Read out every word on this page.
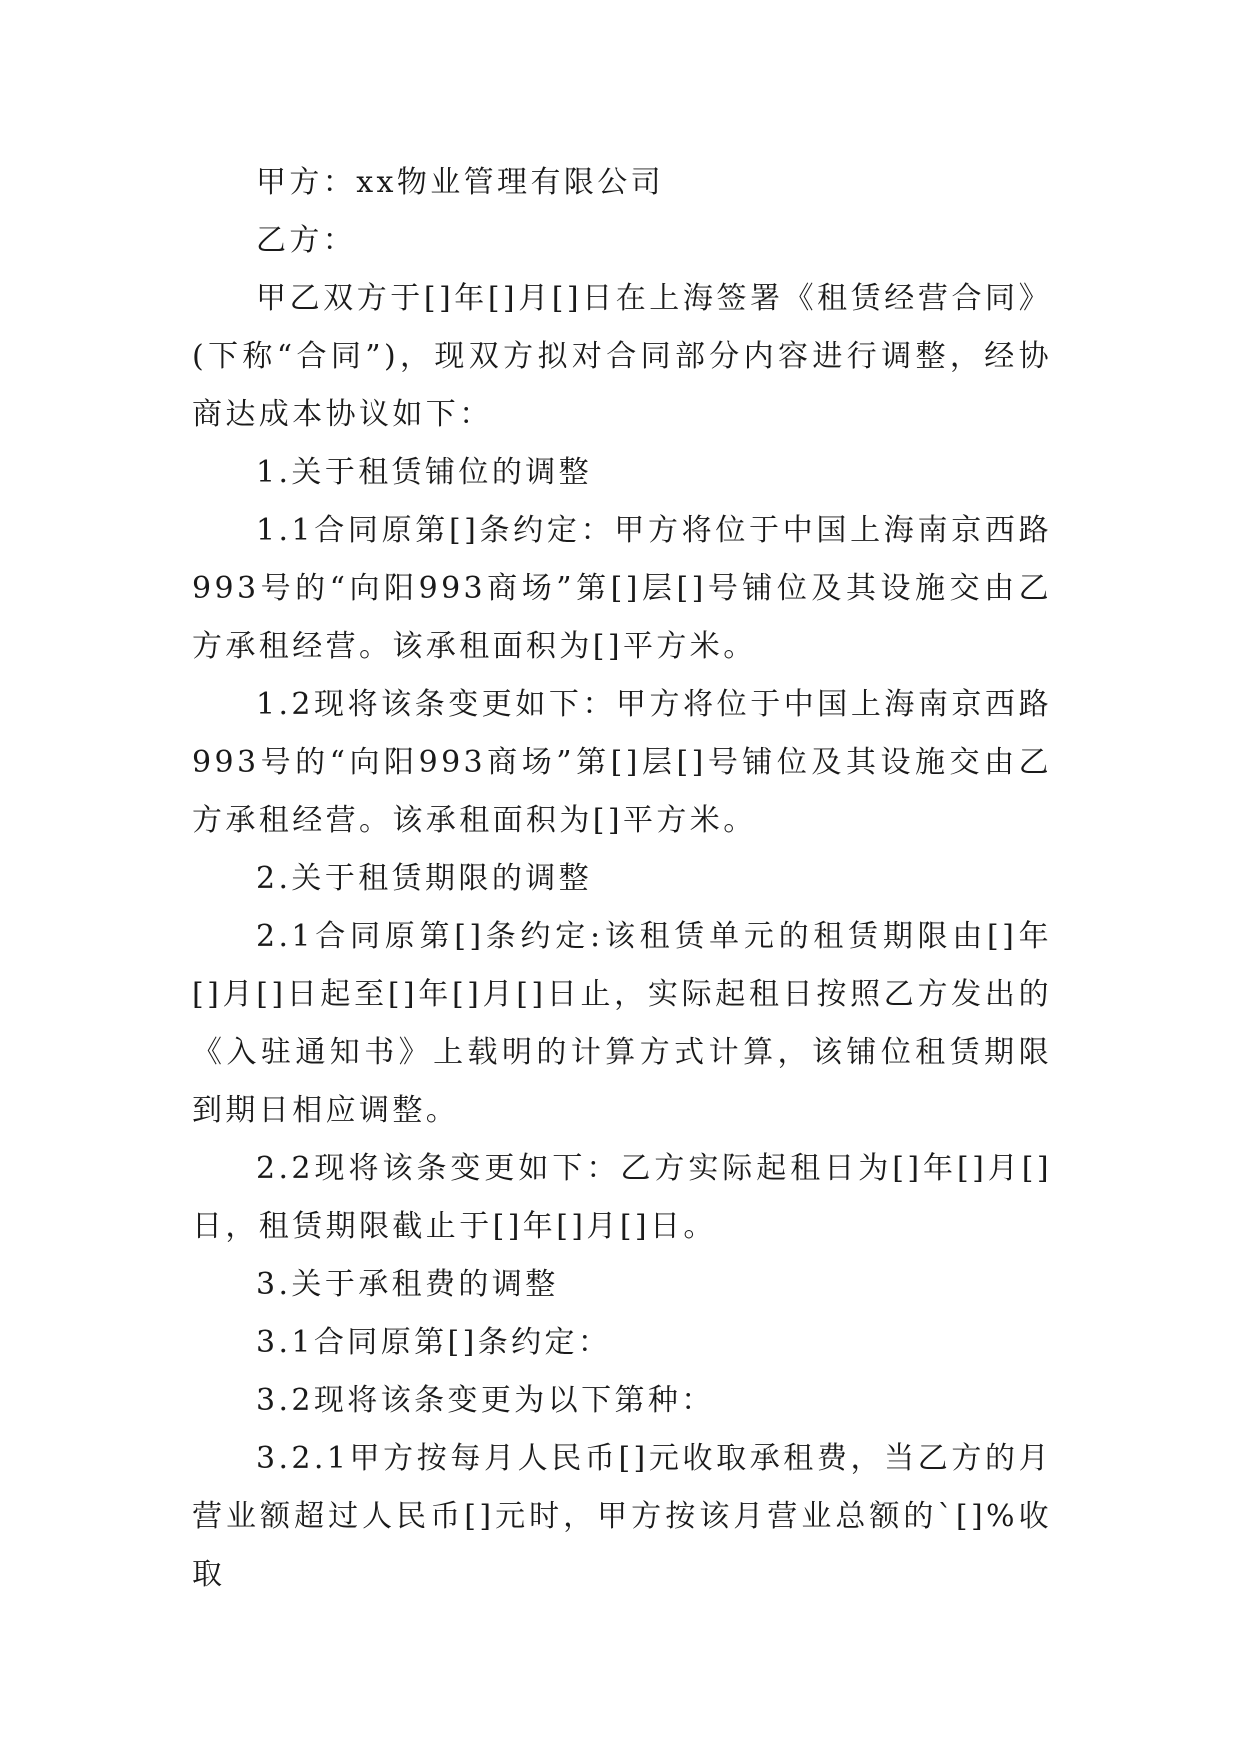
甲方：xx物业管理有限公司

乙方：

甲乙双方于[]年[]月[]日在上海签署《租赁经营合同》(下称“合同”)，现双方拟对合同部分内容进行调整，经协商达成本协议如下：

1.关于租赁铺位的调整

1.1合同原第[]条约定：甲方将位于中国上海南京西路993号的“向阳993商场”第[]层[]号铺位及其设施交由乙方承租经营。该承租面积为[]平方米。

1.2现将该条变更如下：甲方将位于中国上海南京西路993号的“向阳993商场”第[]层[]号铺位及其设施交由乙方承租经营。该承租面积为[]平方米。

2.关于租赁期限的调整

2.1合同原第[]条约定:该租赁单元的租赁期限由[]年[]月[]日起至[]年[]月[]日止，实际起租日按照乙方发出的《入驻通知书》上载明的计算方式计算，该铺位租赁期限到期日相应调整。

2.2现将该条变更如下：乙方实际起租日为[]年[]月[]日，租赁期限截止于[]年[]月[]日。

3.关于承租费的调整

3.1合同原第[]条约定：

3.2现将该条变更为以下第种：

3.2.1甲方按每月人民币[]元收取承租费，当乙方的月营业额超过人民币[]元时，甲方按该月营业总额的`[]%收取
